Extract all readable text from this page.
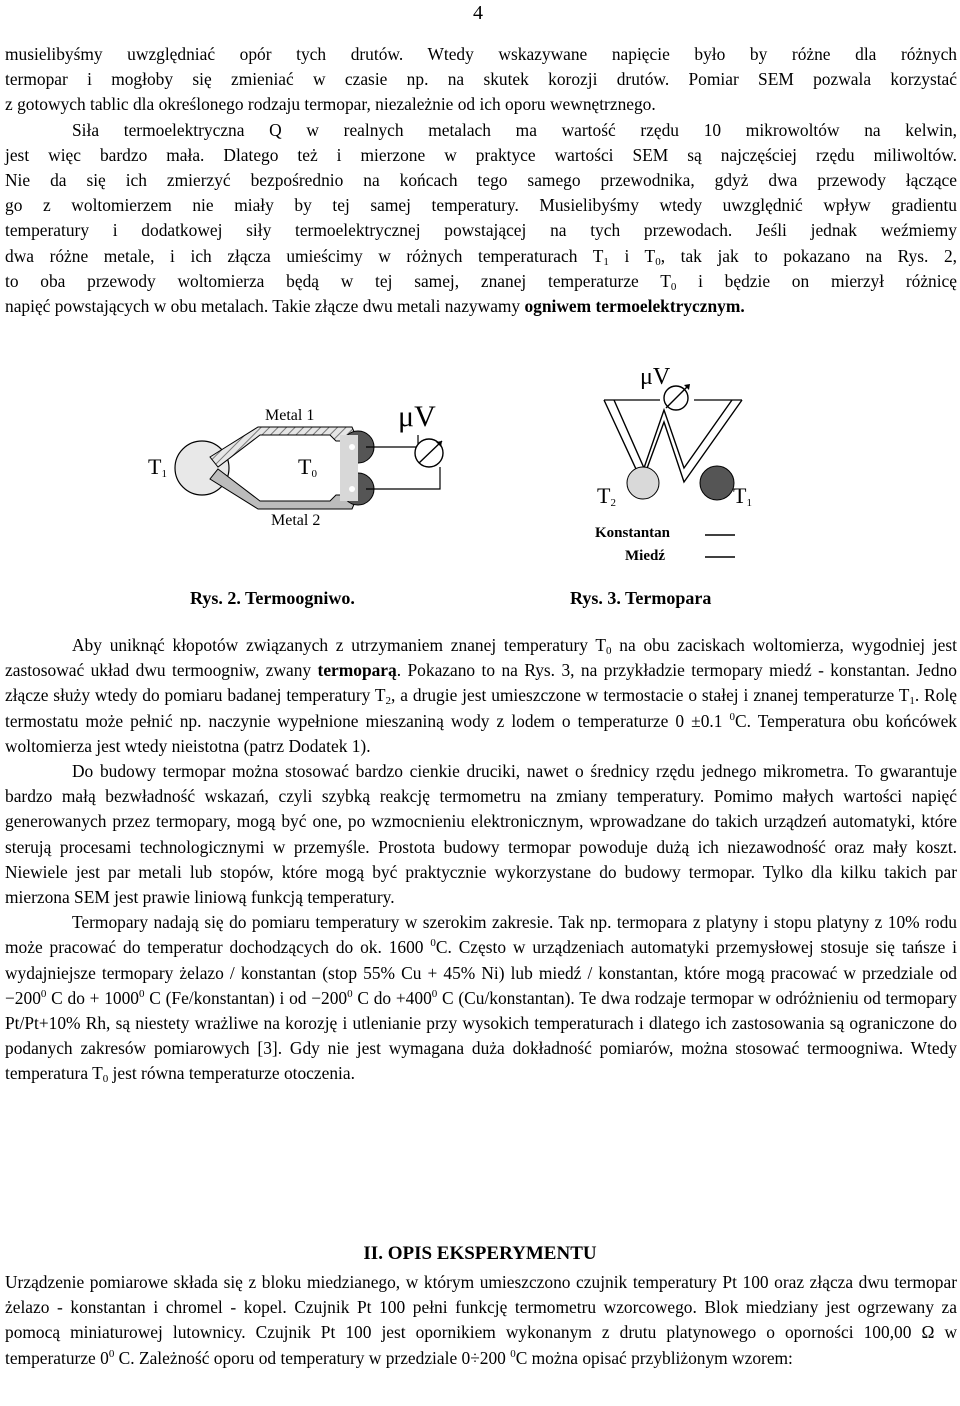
4

musielibyśmy uwzględniać opór tych drutów. Wtedy wskazywane napięcie było by różne dla różnych

termopar i mogłoby się zmieniać w czasie np. na skutek korozji drutów. Pomiar SEM pozwala korzystać

z gotowych tablic dla określonego rodzaju termopar, niezależnie od ich oporu wewnętrznego.

Siła termoelektryczna Q w realnych metalach ma wartość rzędu 10 mikrowoltów na kelwin,

jest więc bardzo mała. Dlatego też i mierzone w praktyce wartości SEM są najczęściej rzędu miliwoltów.

Nie da się ich zmierzyć bezpośrednio na końcach tego samego przewodnika, gdyż dwa przewody łączące

go z woltomierzem nie miały by tej samej temperatury. Musielibyśmy wtedy uwzględnić wpływ gradientu

temperatury i dodatkowej siły termoelektrycznej powstającej na tych przewodach. Jeśli jednak weźmiemy

dwa różne metale, i ich złącza umieścimy w różnych temperaturach $T_1$ i $T_0$, tak jak to pokazano na Rys. 2,

to oba przewody woltomierza będą w tej samej, znanej temperaturze $T_0$ i będzie on mierzył różnicę

napięć powstających w obu metalach. Takie złącze dwu metali nazywamy ogniwem termoelektrycznym.

Metal 1
Metal 2
$T_1$	$T_0$
μV
Rys. 2. Termoogniwo.
μV
$T_2$	$T_1$
Konstantan
Miedź
Rys. 3. Termopara

Aby uniknąć kłopotów związanych z utrzymaniem znanej temperatury $T_0$ na obu zaciskach woltomierza, wygodniej jest zastosować układ dwu termoogniw, zwany termoparą. Pokazano to na Rys. 3, na przykładzie termopary miedź - konstantan. Jedno złącze służy wtedy do pomiaru badanej temperatury $T_2$, a drugie jest umieszczone w termostacie o stałej i znanej temperaturze $T_1$. Rolę termostatu może pełnić np. naczynie wypełnione mieszaniną wody z lodem o temperaturze 0 ±0.1 $^0$C. Temperatura obu końcówek woltomierza jest wtedy nieistotna (patrz Dodatek 1).

Do budowy termopar można stosować bardzo cienkie druciki, nawet o średnicy rzędu jednego mikrometra. To gwarantuje bardzo małą bezwładność wskazań, czyli szybką reakcję termometru na zmiany temperatury. Pomimo małych wartości napięć generowanych przez termopary, mogą być one, po wzmocnieniu elektronicznym, wprowadzane do takich urządzeń automatyki, które sterują procesami technologicznymi w przemyśle. Prostota budowy termopar powoduje dużą ich niezawodność oraz mały koszt. Niewiele jest par metali lub stopów, które mogą być praktycznie wykorzystane do budowy termopar. Tylko dla kilku takich par mierzona SEM jest prawie liniową funkcją temperatury.

Termopary nadają się do pomiaru temperatury w szerokim zakresie. Tak np. termopara z platyny i stopu platyny z 10% rodu może pracować do temperatur dochodzących do ok. 1600 $^0$C. Często w urządzeniach automatyki przemysłowej stosuje się tańsze i wydajniejsze termopary żelazo / konstantan (stop 55% Cu + 45% Ni) lub miedź / konstantan, które mogą pracować w przedziale od $-200^0$ C do + $1000^0$ C (Fe/konstantan) i od $-200^0$ C do $+400^0$ C (Cu/konstantan). Te dwa rodzaje termopar w odróżnieniu od termopary Pt/Pt+10% Rh, są niestety wrażliwe na korozję i utlenianie przy wysokich temperaturach i dlatego ich zastosowania są ograniczone do podanych zakresów pomiarowych [3]. Gdy nie jest wymagana duża dokładność pomiarów, można stosować termoogniwa. Wtedy temperatura $T_0$ jest równa temperaturze otoczenia.

II. OPIS EKSPERYMENTU

Urządzenie pomiarowe składa się z bloku miedzianego, w którym umieszczono czujnik temperatury Pt 100 oraz złącza dwu termopar żelazo - konstantan i chromel - kopel. Czujnik Pt 100 pełni funkcję termometru wzorcowego. Blok miedziany jest ogrzewany za pomocą miniaturowej lutownicy. Czujnik Pt 100 jest opornikiem wykonanym z drutu platynowego o oporności 100,00 Ω w temperaturze $0^0$ C. Zależność oporu od temperatury w przedziale 0÷200 $^0$C można opisać przybliżonym wzorem:
